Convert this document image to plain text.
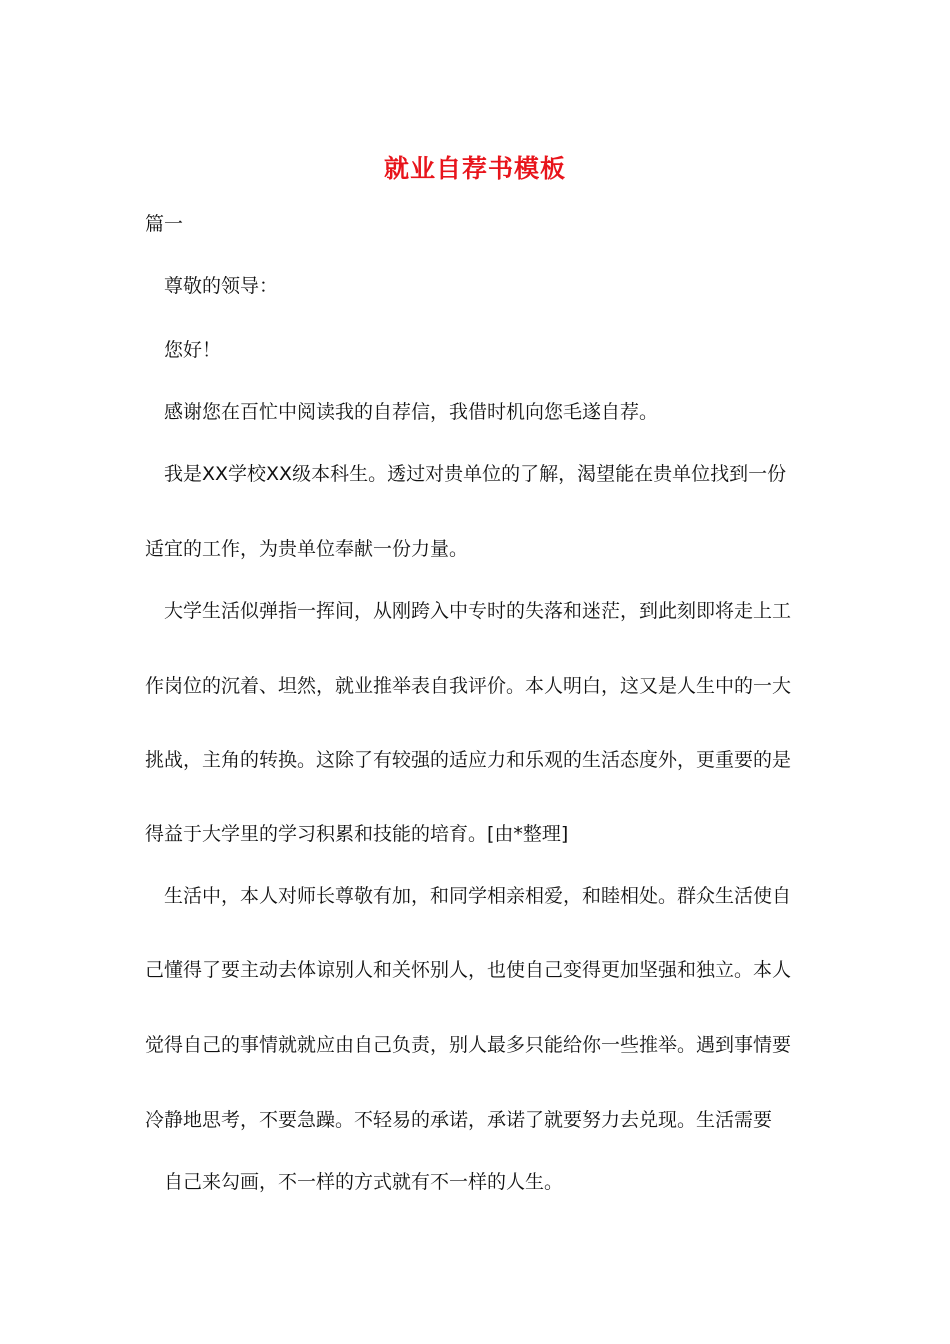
就业自荐书模板
篇一
尊敬的领导：
您好！
感谢您在百忙中阅读我的自荐信，我借时机向您毛遂自荐。
我是XX学校XX级本科生。透过对贵单位的了解，渴望能在贵单位找到一份
适宜的工作，为贵单位奉献一份力量。
大学生活似弹指一挥间，从刚跨入中专时的失落和迷茫，到此刻即将走上工
作岗位的沉着、坦然，就业推举表自我评价。本人明白，这又是人生中的一大
挑战，主角的转换。这除了有较强的适应力和乐观的生活态度外，更重要的是
得益于大学里的学习积累和技能的培育。[由*整理]
生活中，本人对师长尊敬有加，和同学相亲相爱，和睦相处。群众生活使自
己懂得了要主动去体谅别人和关怀别人，也使自己变得更加坚强和独立。本人
觉得自己的事情就就应由自己负责，别人最多只能给你一些推举。遇到事情要
冷静地思考，不要急躁。不轻易的承诺，承诺了就要努力去兑现。生活需要
自己来勾画，不一样的方式就有不一样的人生。
